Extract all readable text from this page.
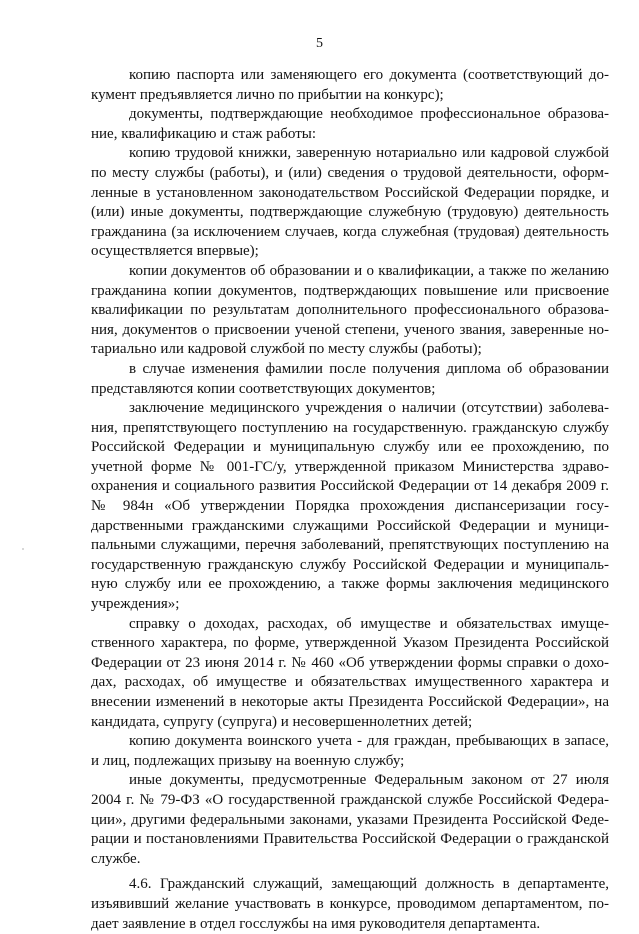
5

копию паспорта или заменяющего его документа (соответствующий документ предъявляется лично по прибытии на конкурс);

документы, подтверждающие необходимое профессиональное образование, квалификацию и стаж работы:

копию трудовой книжки, заверенную нотариально или кадровой службой по месту службы (работы), и (или) сведения о трудовой деятельности, оформленные в установленном законодательством Российской Федерации порядке, и (или) иные документы, подтверждающие служебную (трудовую) деятельность гражданина (за исключением случаев, когда служебная (трудовая) деятельность осуществляется впервые);

копии документов об образовании и о квалификации, а также по желанию гражданина копии документов, подтверждающих повышение или присвоение квалификации по результатам дополнительного профессионального образования, документов о присвоении ученой степени, ученого звания, заверенные нотариально или кадровой службой по месту службы (работы);

в случае изменения фамилии после получения диплома об образовании представляются копии соответствующих документов;

заключение медицинского учреждения о наличии (отсутствии) заболевания, препятствующего поступлению на государственную. гражданскую службу Российской Федерации и муниципальную службу или ее прохождению, по учетной форме № 001-ГС/у, утвержденной приказом Министерства здравоохранения и социального развития Российской Федерации от 14 декабря 2009 г. № 984н «Об утверждении Порядка прохождения диспансеризации государственными гражданскими служащими Российской Федерации и муниципальными служащими, перечня заболеваний, препятствующих поступлению на государственную гражданскую службу Российской Федерации и муниципальную службу или ее прохождению, а также формы заключения медицинского учреждения»;

справку о доходах, расходах, об имуществе и обязательствах имущественного характера, по форме, утвержденной Указом Президента Российской Федерации от 23 июня 2014 г. № 460 «Об утверждении формы справки о доходах, расходах, об имуществе и обязательствах имущественного характера и внесении изменений в некоторые акты Президента Российской Федерации», на кандидата, супругу (супруга) и несовершеннолетних детей;

копию документа воинского учета - для граждан, пребывающих в запасе, и лиц, подлежащих призыву на военную службу;

иные документы, предусмотренные Федеральным законом от 27 июля 2004 г. № 79-ФЗ «О государственной гражданской службе Российской Федерации», другими федеральными законами, указами Президента Российской Федерации и постановлениями Правительства Российской Федерации о гражданской службе.

4.6. Гражданский служащий, замещающий должность в департаменте, изъявивший желание участвовать в конкурсе, проводимом департаментом, подает заявление в отдел госслужбы на имя руководителя департамента.
